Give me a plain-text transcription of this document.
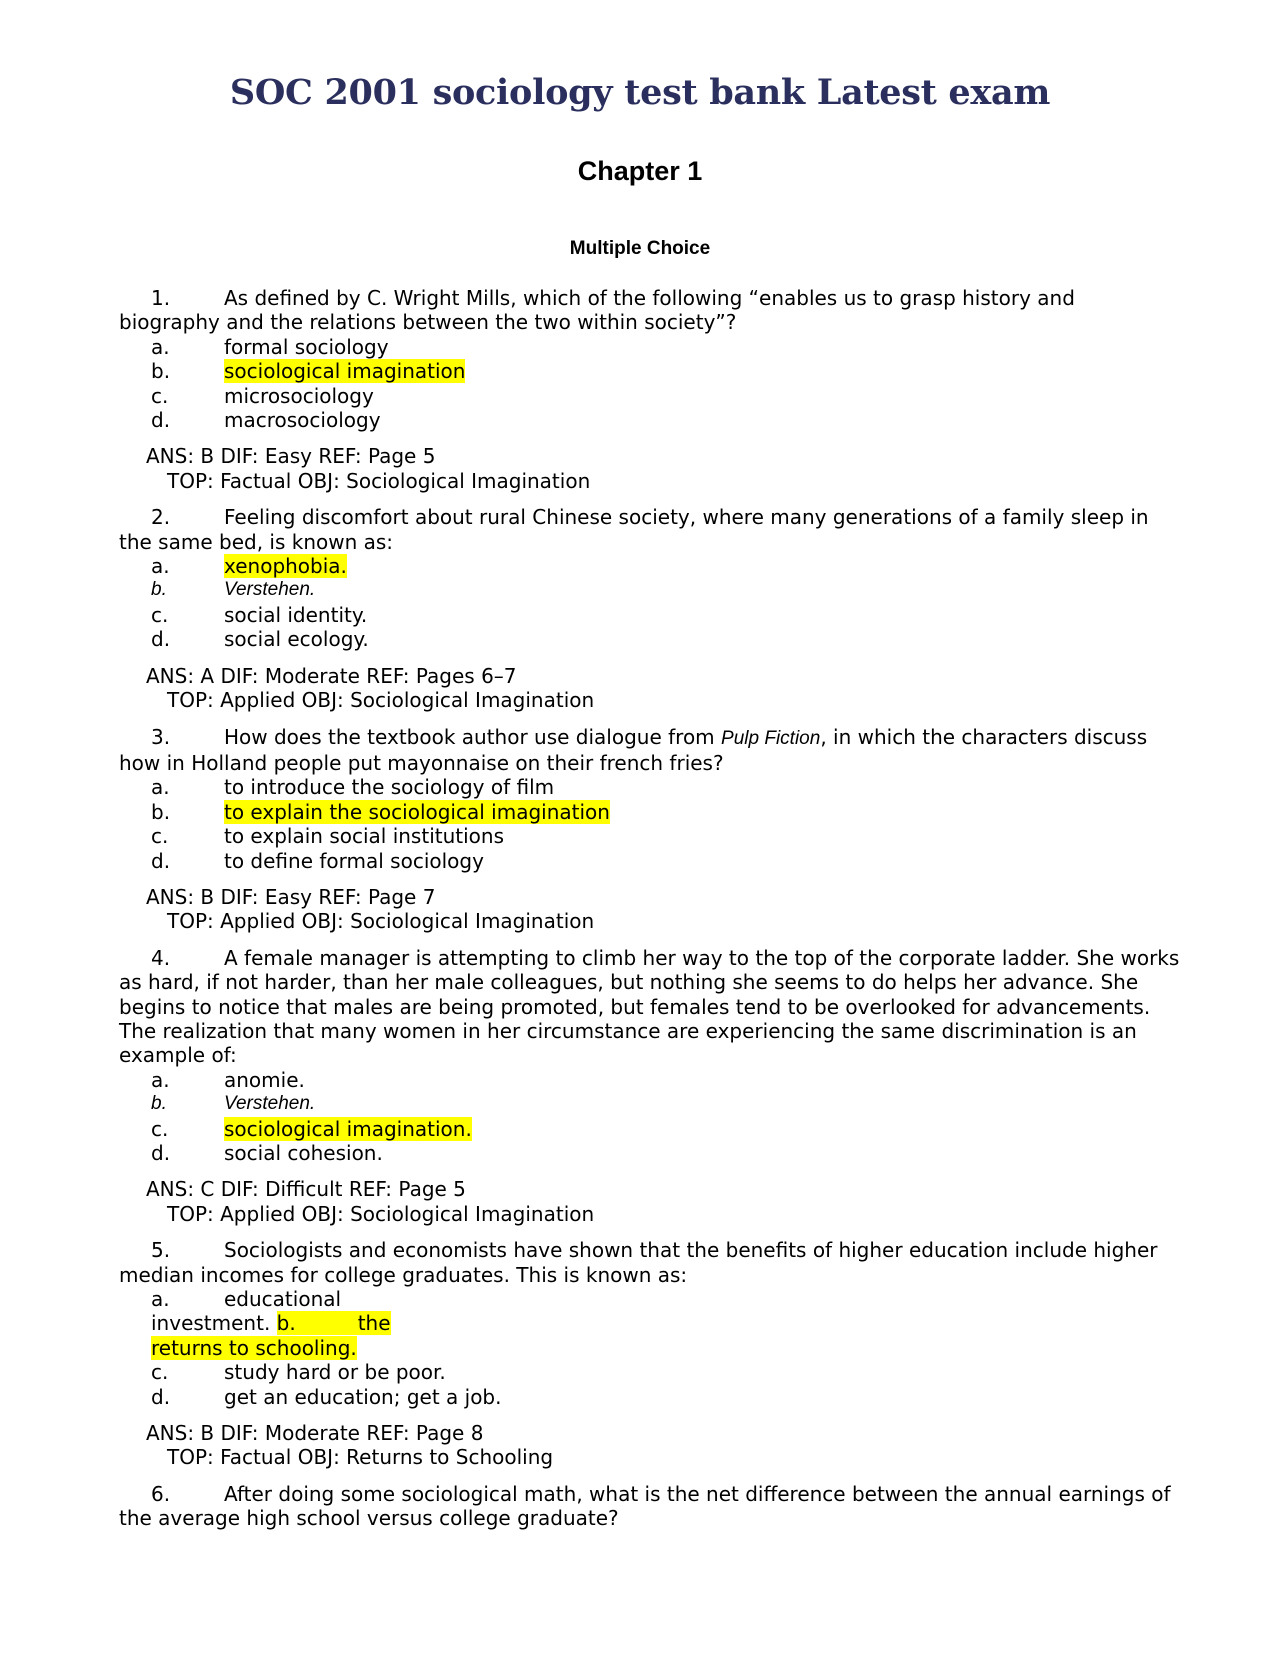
SOC 2001 sociology test bank Latest exam
Chapter 1
Multiple Choice

1.	As defined by C. Wright Mills, which of the following “enables us to grasp history and biography and the relations between the two within society”?

a.	formal sociology

b.	sociological imagination

c.	microsociology

d.	macrosociology

ANS: B DIF: Easy REF: Page 5
TOP: Factual OBJ: Sociological Imagination

2.	Feeling discomfort about rural Chinese society, where many generations of a family sleep in the same bed, is known as:

a.	xenophobia.

b.	Verstehen.

c.	social identity.

d.	social ecology.

ANS: A DIF: Moderate REF: Pages 6–7
TOP: Applied OBJ: Sociological Imagination

3.	How does the textbook author use dialogue from Pulp Fiction, in which the characters discuss how in Holland people put mayonnaise on their french fries?

a.	to introduce the sociology of film

b.	to explain the sociological imagination

c.	to explain social institutions

d.	to define formal sociology

ANS: B DIF: Easy REF: Page 7
TOP: Applied OBJ: Sociological Imagination

4.	A female manager is attempting to climb her way to the top of the corporate ladder. She works as hard, if not harder, than her male colleagues, but nothing she seems to do helps her advance. She begins to notice that males are being promoted, but females tend to be overlooked for advancements. The realization that many women in her circumstance are experiencing the same discrimination is an example of:

a.	anomie.

b.	Verstehen.

c.	sociological imagination.

d.	social cohesion.

ANS: C DIF: Difficult REF: Page 5
TOP: Applied OBJ: Sociological Imagination

5.	Sociologists and economists have shown that the benefits of higher education include higher median incomes for college graduates. This is known as:

a.	educational

investment. b.	the

returns to schooling.

c.	study hard or be poor.

d.	get an education; get a job.

ANS: B DIF: Moderate REF: Page 8
TOP: Factual OBJ: Returns to Schooling

6.	After doing some sociological math, what is the net difference between the annual earnings of the average high school versus college graduate?
